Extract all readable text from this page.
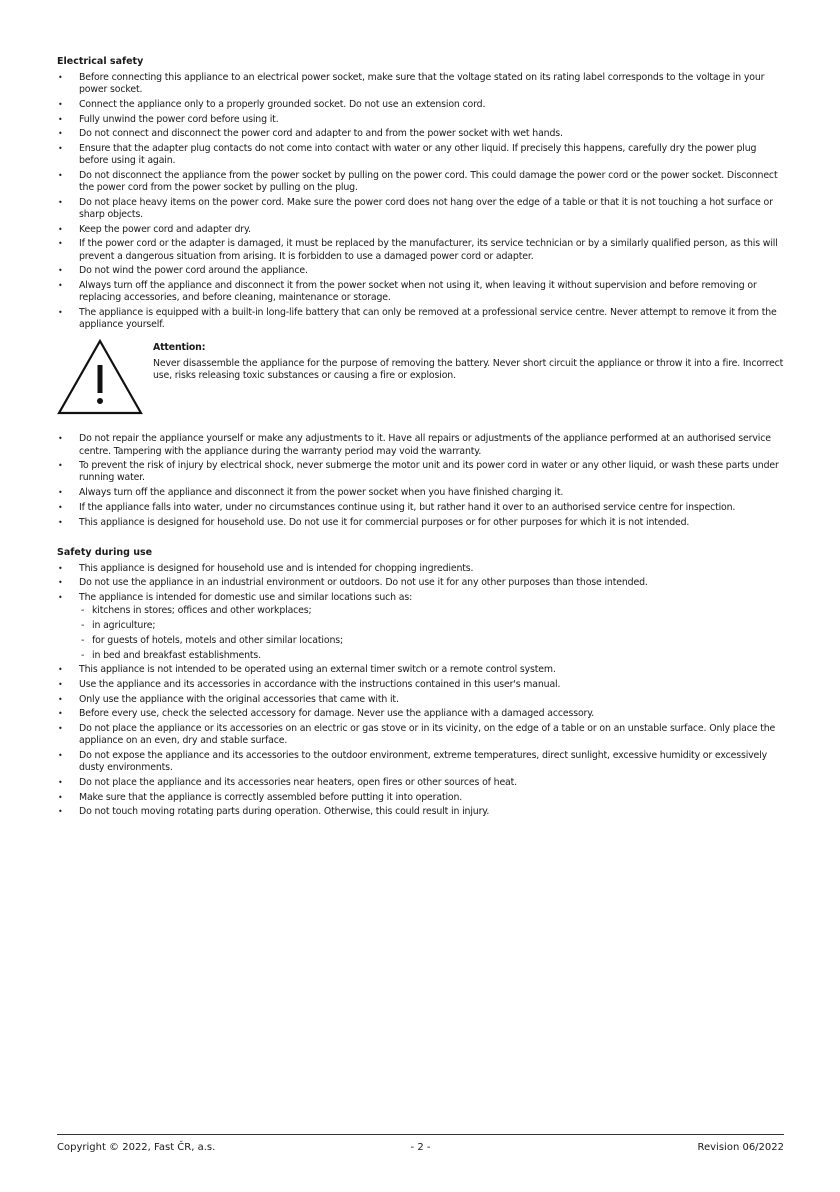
Electrical safety
• Before connecting this appliance to an electrical power socket, make sure that the voltage stated on its rating label corresponds to the voltage in your power socket.
• Connect the appliance only to a properly grounded socket. Do not use an extension cord.
• Fully unwind the power cord before using it.
• Do not connect and disconnect the power cord and adapter to and from the power socket with wet hands.
• Ensure that the adapter plug contacts do not come into contact with water or any other liquid. If precisely this happens, carefully dry the power plug before using it again.
• Do not disconnect the appliance from the power socket by pulling on the power cord. This could damage the power cord or the power socket. Disconnect the power cord from the power socket by pulling on the plug.
• Do not place heavy items on the power cord. Make sure the power cord does not hang over the edge of a table or that it is not touching a hot surface or sharp objects.
• Keep the power cord and adapter dry.
• If the power cord or the adapter is damaged, it must be replaced by the manufacturer, its service technician or by a similarly qualified person, as this will prevent a dangerous situation from arising. It is forbidden to use a damaged power cord or adapter.
• Do not wind the power cord around the appliance.
• Always turn off the appliance and disconnect it from the power socket when not using it, when leaving it without supervision and before removing or replacing accessories, and before cleaning, maintenance or storage.
• The appliance is equipped with a built-in long-life battery that can only be removed at a professional service centre. Never attempt to remove it from the appliance yourself.
Attention:
Never disassemble the appliance for the purpose of removing the battery. Never short circuit the appliance or throw it into a fire. Incorrect use, risks releasing toxic substances or causing a fire or explosion.
• Do not repair the appliance yourself or make any adjustments to it. Have all repairs or adjustments of the appliance performed at an authorised service centre. Tampering with the appliance during the warranty period may void the warranty.
• To prevent the risk of injury by electrical shock, never submerge the motor unit and its power cord in water or any other liquid, or wash these parts under running water.
• Always turn off the appliance and disconnect it from the power socket when you have finished charging it.
• If the appliance falls into water, under no circumstances continue using it, but rather hand it over to an authorised service centre for inspection.
• This appliance is designed for household use. Do not use it for commercial purposes or for other purposes for which it is not intended.
Safety during use
• This appliance is designed for household use and is intended for chopping ingredients.
• Do not use the appliance in an industrial environment or outdoors. Do not use it for any other purposes than those intended.
• The appliance is intended for domestic use and similar locations such as:
- kitchens in stores; offices and other workplaces;
- in agriculture;
- for guests of hotels, motels and other similar locations;
- in bed and breakfast establishments.
• This appliance is not intended to be operated using an external timer switch or a remote control system.
• Use the appliance and its accessories in accordance with the instructions contained in this user's manual.
• Only use the appliance with the original accessories that came with it.
• Before every use, check the selected accessory for damage. Never use the appliance with a damaged accessory.
• Do not place the appliance or its accessories on an electric or gas stove or in its vicinity, on the edge of a table or on an unstable surface. Only place the appliance on an even, dry and stable surface.
• Do not expose the appliance and its accessories to the outdoor environment, extreme temperatures, direct sunlight, excessive humidity or excessively dusty environments.
• Do not place the appliance and its accessories near heaters, open fires or other sources of heat.
• Make sure that the appliance is correctly assembled before putting it into operation.
• Do not touch moving rotating parts during operation. Otherwise, this could result in injury.
Copyright © 2022, Fast ČR, a.s.	- 2 -	Revision 06/2022
